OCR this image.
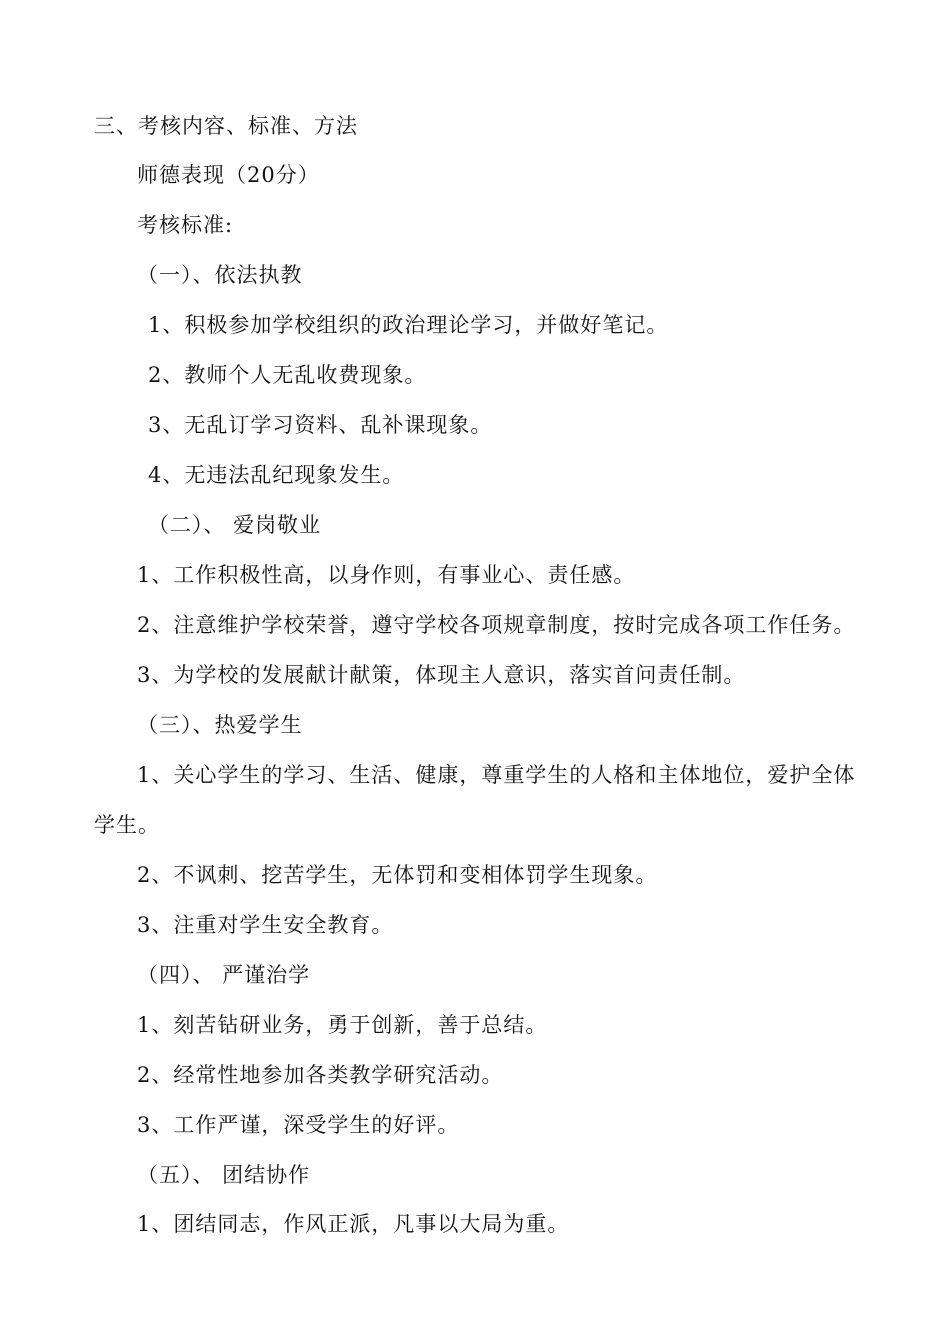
三、考核内容、标准、方法
师德表现（20分）
考核标准:
（一）、依法执教
1、积极参加学校组织的政治理论学习，并做好笔记。
2、教师个人无乱收费现象。
3、无乱订学习资料、乱补课现象。
4、无违法乱纪现象发生。
（二）、 爱岗敬业
1、工作积极性高，以身作则，有事业心、责任感。
2、注意维护学校荣誉，遵守学校各项规章制度，按时完成各项工作任务。
3、为学校的发展献计献策，体现主人意识，落实首问责任制。
（三）、热爱学生
1、关心学生的学习、生活、健康，尊重学生的人格和主体地位，爱护全体
学生。
2、不讽刺、挖苦学生，无体罚和变相体罚学生现象。
3、注重对学生安全教育。
（四）、 严谨治学
1、刻苦钻研业务，勇于创新，善于总结。
2、经常性地参加各类教学研究活动。
3、工作严谨，深受学生的好评。
（五）、 团结协作
1、团结同志，作风正派，凡事以大局为重。
